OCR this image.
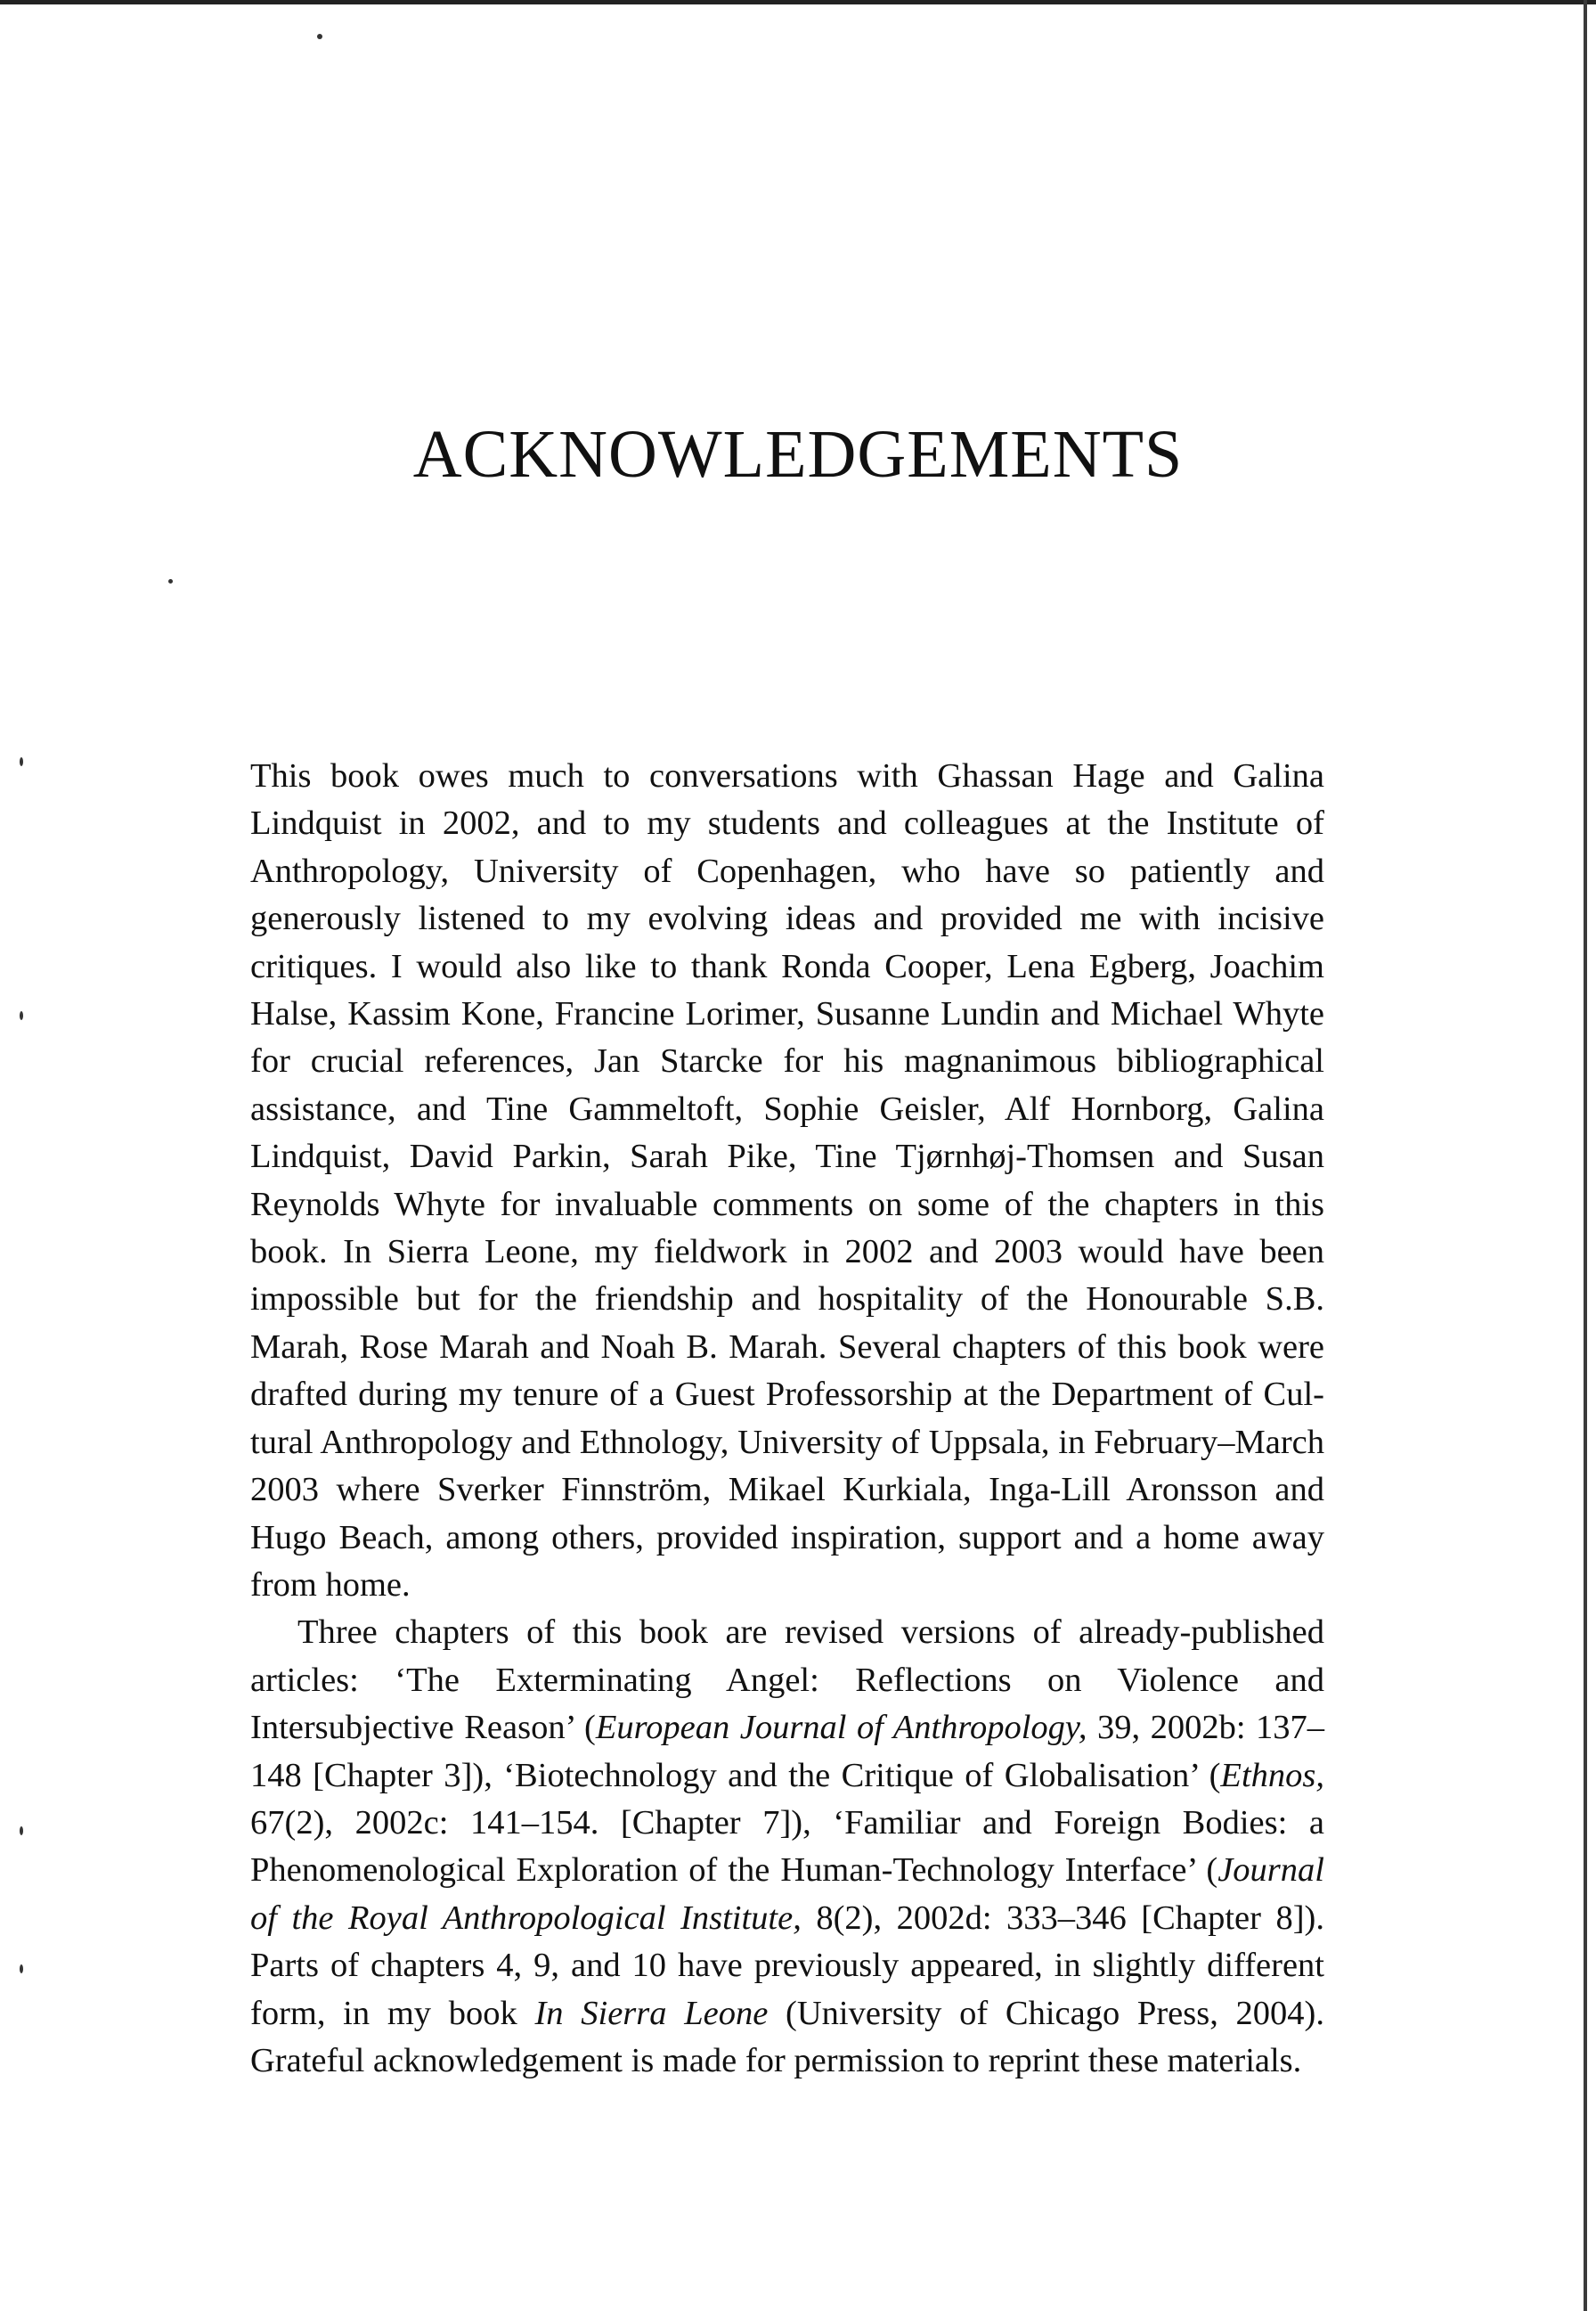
ACKNOWLEDGEMENTS

This book owes much to conversations with Ghassan Hage and Galina Lindquist in 2002, and to my students and colleagues at the Institute of Anthropology, University of Copenhagen, who have so patiently and generously listened to my evolving ideas and provided me with incisive critiques. I would also like to thank Ronda Cooper, Lena Egberg, Joachim Halse, Kassim Kone, Francine Lorimer, Susanne Lundin and Michael Whyte for crucial references, Jan Starcke for his magnanimous bibliographical assistance, and Tine Gammeltoft, Sophie Geisler, Alf Hornborg, Galina Lindquist, David Parkin, Sarah Pike, Tine Tjørnhøj-Thomsen and Susan Reynolds Whyte for invaluable comments on some of the chapters in this book. In Sierra Leone, my fieldwork in 2002 and 2003 would have been impossible but for the friendship and hospitality of the Honourable S.B. Marah, Rose Marah and Noah B. Marah. Several chapters of this book were drafted during my tenure of a Guest Professorship at the Department of Cultural Anthropology and Ethnology, University of Uppsala, in February–March 2003 where Sverker Finnström, Mikael Kurkiala, Inga-Lill Aronsson and Hugo Beach, among others, provided inspiration, support and a home away from home.

Three chapters of this book are revised versions of already-published articles: ‘The Exterminating Angel: Reflections on Violence and Intersubjective Reason’ (European Journal of Anthropology, 39, 2002b: 137–148 [Chapter 3]), ‘Biotechnology and the Critique of Globalisation’ (Ethnos, 67(2), 2002c: 141–154. [Chapter 7]), ‘Familiar and Foreign Bodies: a Phenomenological Exploration of the Human-Technology Interface’ (Journal of the Royal Anthropological Institute, 8(2), 2002d: 333–346 [Chapter 8]). Parts of chapters 4, 9, and 10 have previously appeared, in slightly different form, in my book In Sierra Leone (University of Chicago Press, 2004). Grateful acknowledgement is made for permission to reprint these materials.
